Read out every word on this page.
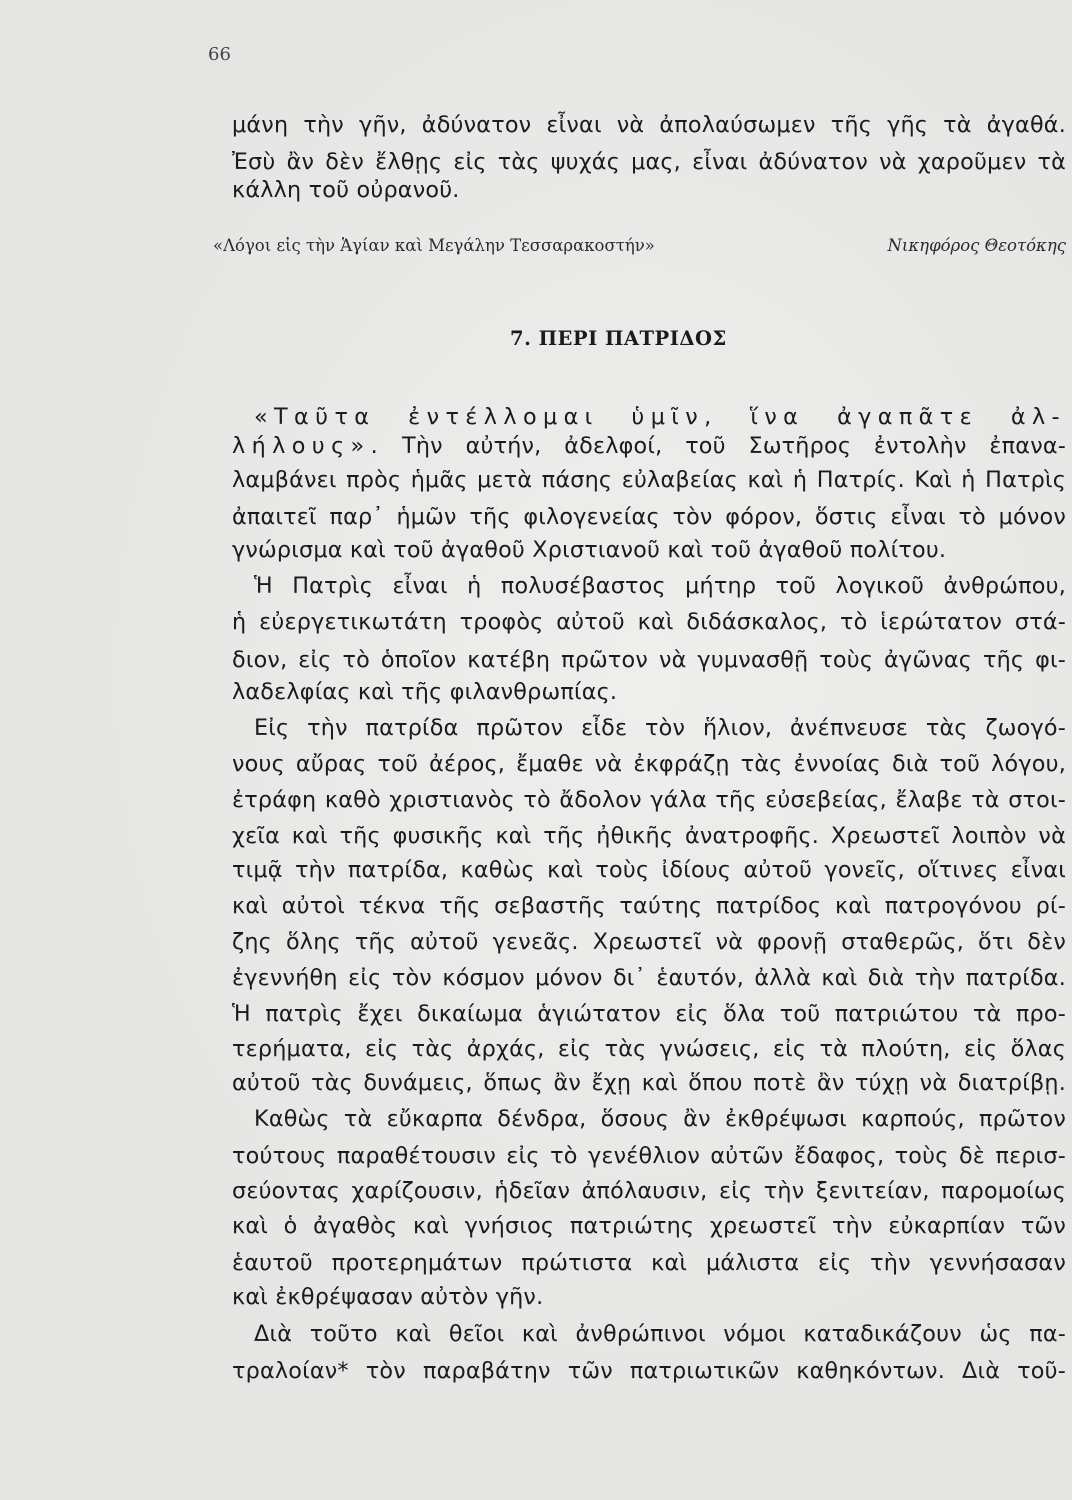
66
μάνη τὴν γῆν, ἀδύνατον εἶναι νὰ ἀπολαύσωμεν τῆς γῆς τὰ ἀγαθά.
Ἐσὺ ἂν δὲν ἔλθῃς εἰς τὰς ψυχάς μας, εἶναι ἀδύνατον νὰ χαροῦμεν τὰ
κάλλη τοῦ οὐρανοῦ.
«Λόγοι εἰς τὴν Ἁγίαν καὶ Μεγάλην Τεσσαρακοστήν»	Νικηφόρος Θεοτόκης
7. ΠΕΡΙ ΠΑΤΡΙΔΟΣ
«Ταῦτα ἐντέλλομαι ὑμῖν, ἵνα ἀγαπᾶτε ἀλ-
λήλους». Τὴν αὐτήν, ἀδελφοί, τοῦ Σωτῆρος ἐντολὴν ἐπανα-
λαμβάνει πρὸς ἡμᾶς μετὰ πάσης εὐλαβείας καὶ ἡ Πατρίς. Καὶ ἡ Πατρὶς
ἀπαιτεῖ παρ᾽ ἡμῶν τῆς φιλογενείας τὸν φόρον, ὅστις εἶναι τὸ μόνον
γνώρισμα καὶ τοῦ ἀγαθοῦ Χριστιανοῦ καὶ τοῦ ἀγαθοῦ πολίτου.
Ἡ Πατρὶς εἶναι ἡ πολυσέβαστος μήτηρ τοῦ λογικοῦ ἀνθρώπου,
ἡ εὐεργετικωτάτη τροφὸς αὐτοῦ καὶ διδάσκαλος, τὸ ἱερώτατον στά-
διον, εἰς τὸ ὁποῖον κατέβη πρῶτον νὰ γυμνασθῇ τοὺς ἀγῶνας τῆς φι-
λαδελφίας καὶ τῆς φιλανθρωπίας.
Εἰς τὴν πατρίδα πρῶτον εἶδε τὸν ἥλιον, ἀνέπνευσε τὰς ζωογό-
νους αὔρας τοῦ ἀέρος, ἔμαθε νὰ ἐκφράζῃ τὰς ἐννοίας διὰ τοῦ λόγου,
ἐτράφη καθὸ χριστιανὸς τὸ ἄδολον γάλα τῆς εὐσεβείας, ἔλαβε τὰ στοι-
χεῖα καὶ τῆς φυσικῆς καὶ τῆς ἠθικῆς ἀνατροφῆς. Χρεωστεῖ λοιπὸν νὰ
τιμᾷ τὴν πατρίδα, καθὼς καὶ τοὺς ἰδίους αὐτοῦ γονεῖς, οἵτινες εἶναι
καὶ αὐτοὶ τέκνα τῆς σεβαστῆς ταύτης πατρίδος καὶ πατρογόνου ρί-
ζης ὅλης τῆς αὐτοῦ γενεᾶς. Χρεωστεῖ νὰ φρονῇ σταθερῶς, ὅτι δὲν
ἐγεννήθη εἰς τὸν κόσμον μόνον δι᾽ ἑαυτόν, ἀλλὰ καὶ διὰ τὴν πατρίδα.
Ἡ πατρὶς ἔχει δικαίωμα ἁγιώτατον εἰς ὅλα τοῦ πατριώτου τὰ προ-
τερήματα, εἰς τὰς ἀρχάς, εἰς τὰς γνώσεις, εἰς τὰ πλούτη, εἰς ὅλας
αὐτοῦ τὰς δυνάμεις, ὅπως ἂν ἔχῃ καὶ ὅπου ποτὲ ἂν τύχῃ νὰ διατρίβῃ.
Καθὼς τὰ εὔκαρπα δένδρα, ὅσους ἂν ἐκθρέψωσι καρπούς, πρῶτον
τούτους παραθέτουσιν εἰς τὸ γενέθλιον αὐτῶν ἔδαφος, τοὺς δὲ περισ-
σεύοντας χαρίζουσιν, ἡδεῖαν ἀπόλαυσιν, εἰς τὴν ξενιτείαν, παρομοίως
καὶ ὁ ἀγαθὸς καὶ γνήσιος πατριώτης χρεωστεῖ τὴν εὐκαρπίαν τῶν
ἑαυτοῦ προτερημάτων πρώτιστα καὶ μάλιστα εἰς τὴν γεννήσασαν
καὶ ἐκθρέψασαν αὐτὸν γῆν.
Διὰ τοῦτο καὶ θεῖοι καὶ ἀνθρώπινοι νόμοι καταδικάζουν ὡς πα-
τραλοίαν* τὸν παραβάτην τῶν πατριωτικῶν καθηκόντων. Διὰ τοῦ-
